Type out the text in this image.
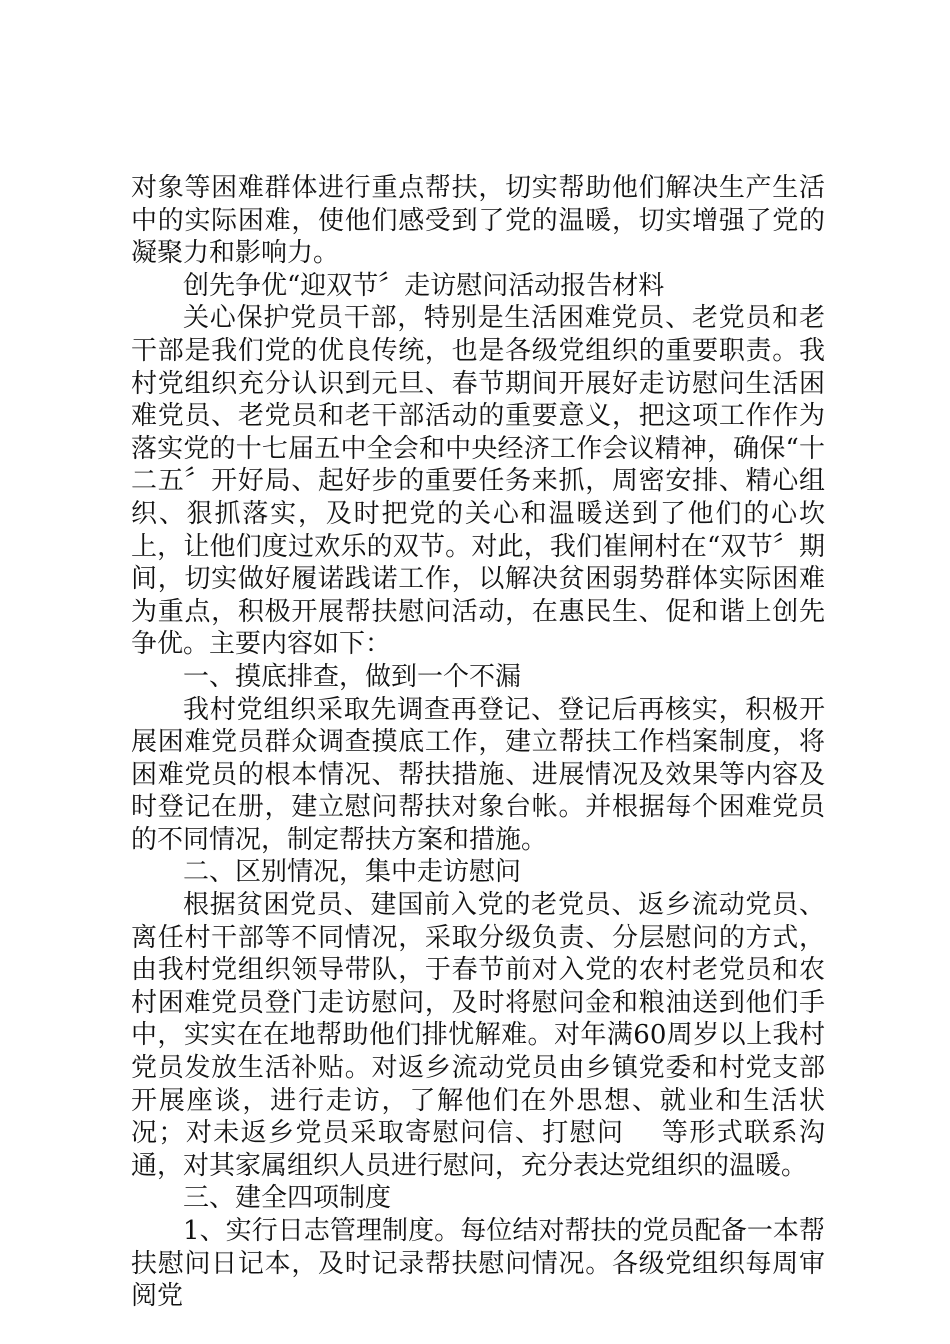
对象等困难群体进行重点帮扶，切实帮助他们解决生产生活中的实际困难，使他们感受到了党的温暖，切实增强了党的凝聚力和影响力。

创先争优“迎双节〞走访慰问活动报告材料

关心保护党员干部，特别是生活困难党员、老党员和老干部是我们党的优良传统，也是各级党组织的重要职责。我村党组织充分认识到元旦、春节期间开展好走访慰问生活困难党员、老党员和老干部活动的重要意义，把这项工作作为落实党的十七届五中全会和中央经济工作会议精神，确保“十二五〞开好局、起好步的重要任务来抓，周密安排、精心组织、狠抓落实，及时把党的关心和温暖送到了他们的心坎上，让他们度过欢乐的双节。对此，我们崔闸村在“双节〞期间，切实做好履诺践诺工作，以解决贫困弱势群体实际困难为重点，积极开展帮扶慰问活动，在惠民生、促和谐上创先争优。主要内容如下：

一、摸底排查，做到一个不漏

我村党组织采取先调查再登记、登记后再核实，积极开展困难党员群众调查摸底工作，建立帮扶工作档案制度，将困难党员的根本情况、帮扶措施、进展情况及效果等内容及时登记在册，建立慰问帮扶对象台帐。并根据每个困难党员的不同情况，制定帮扶方案和措施。

二、区别情况，集中走访慰问

根据贫困党员、建国前入党的老党员、返乡流动党员、离任村干部等不同情况，采取分级负责、分层慰问的方式，由我村党组织领导带队，于春节前对入党的农村老党员和农村困难党员登门走访慰问，及时将慰问金和粮油送到他们手中，实实在在地帮助他们排忧解难。对年满60周岁以上我村党员发放生活补贴。对返乡流动党员由乡镇党委和村党支部开展座谈，进行走访，了解他们在外思想、就业和生活状况；对未返乡党员采取寄慰问信、打慰问 等形式联系沟通，对其家属组织人员进行慰问，充分表达党组织的温暖。

三、建全四项制度

1、实行日志管理制度。每位结对帮扶的党员配备一本帮扶慰问日记本，及时记录帮扶慰问情况。各级党组织每周审阅党
